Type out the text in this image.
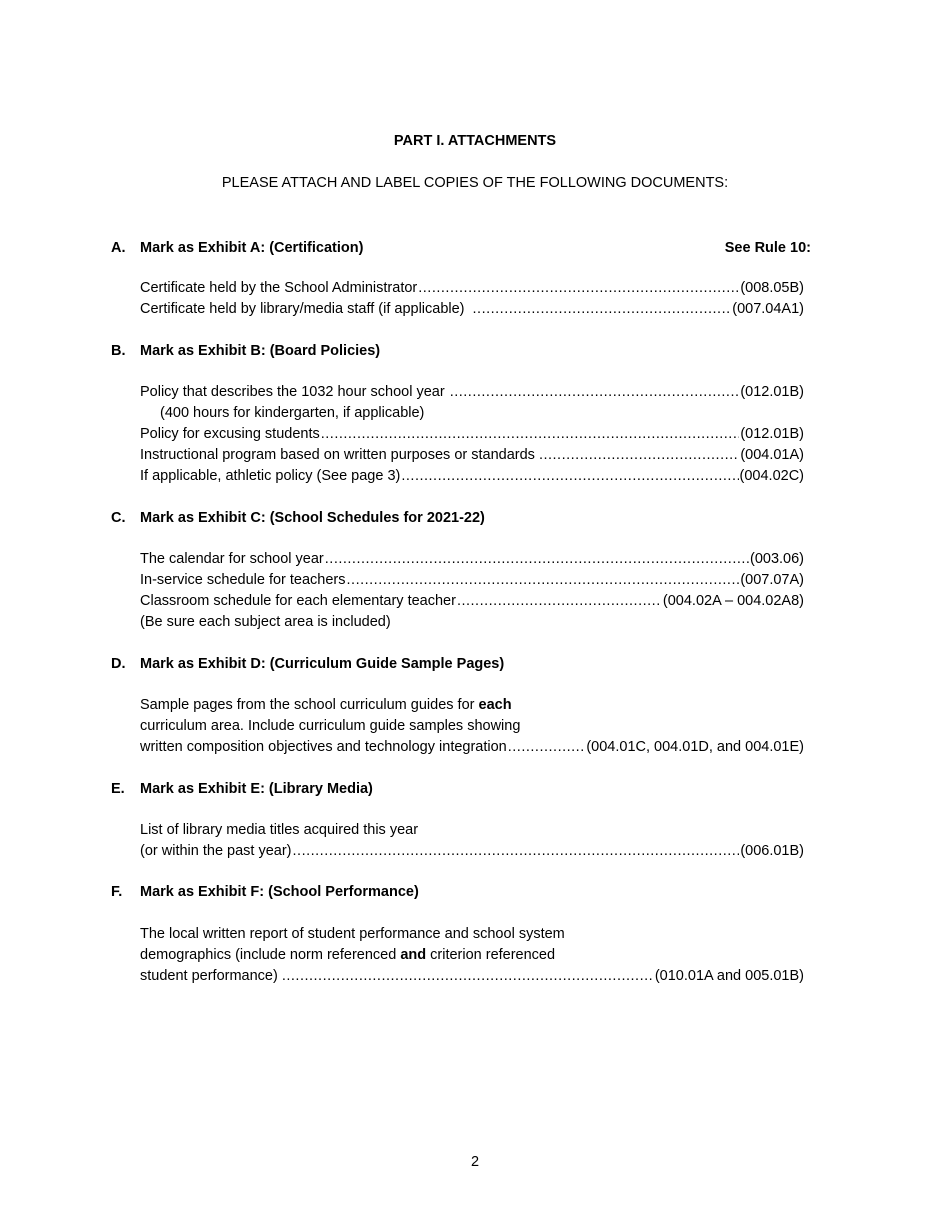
PART I. ATTACHMENTS
PLEASE ATTACH AND LABEL COPIES OF THE FOLLOWING DOCUMENTS:
A. Mark as Exhibit A: (Certification)	See Rule 10:
Certificate held by the School Administrator .....	(008.05B)
Certificate held by library/media staff (if applicable) .....	(007.04A1)
B. Mark as Exhibit B: (Board Policies)
Policy that describes the 1032 hour school year .....	(012.01B)
(400 hours for kindergarten, if applicable)
Policy for excusing students .....	(012.01B)
Instructional program based on written purposes or standards .....	(004.01A)
If applicable, athletic policy (See page 3) .....	(004.02C)
C. Mark as Exhibit C: (School Schedules for 2021-22)
The calendar for school year .....	(003.06)
In-service schedule for teachers .....	(007.07A)
Classroom schedule for each elementary teacher .....	(004.02A – 004.02A8)
(Be sure each subject area is included)
D. Mark as Exhibit D: (Curriculum Guide Sample Pages)
Sample pages from the school curriculum guides for each
curriculum area. Include curriculum guide samples showing
written composition objectives and technology integration .....	(004.01C, 004.01D, and 004.01E)
E. Mark as Exhibit E: (Library Media)
List of library media titles acquired this year
(or within the past year) .....	(006.01B)
F. Mark as Exhibit F: (School Performance)
The local written report of student performance and school system
demographics (include norm referenced and criterion referenced
student performance) .....	(010.01A and 005.01B)
2
